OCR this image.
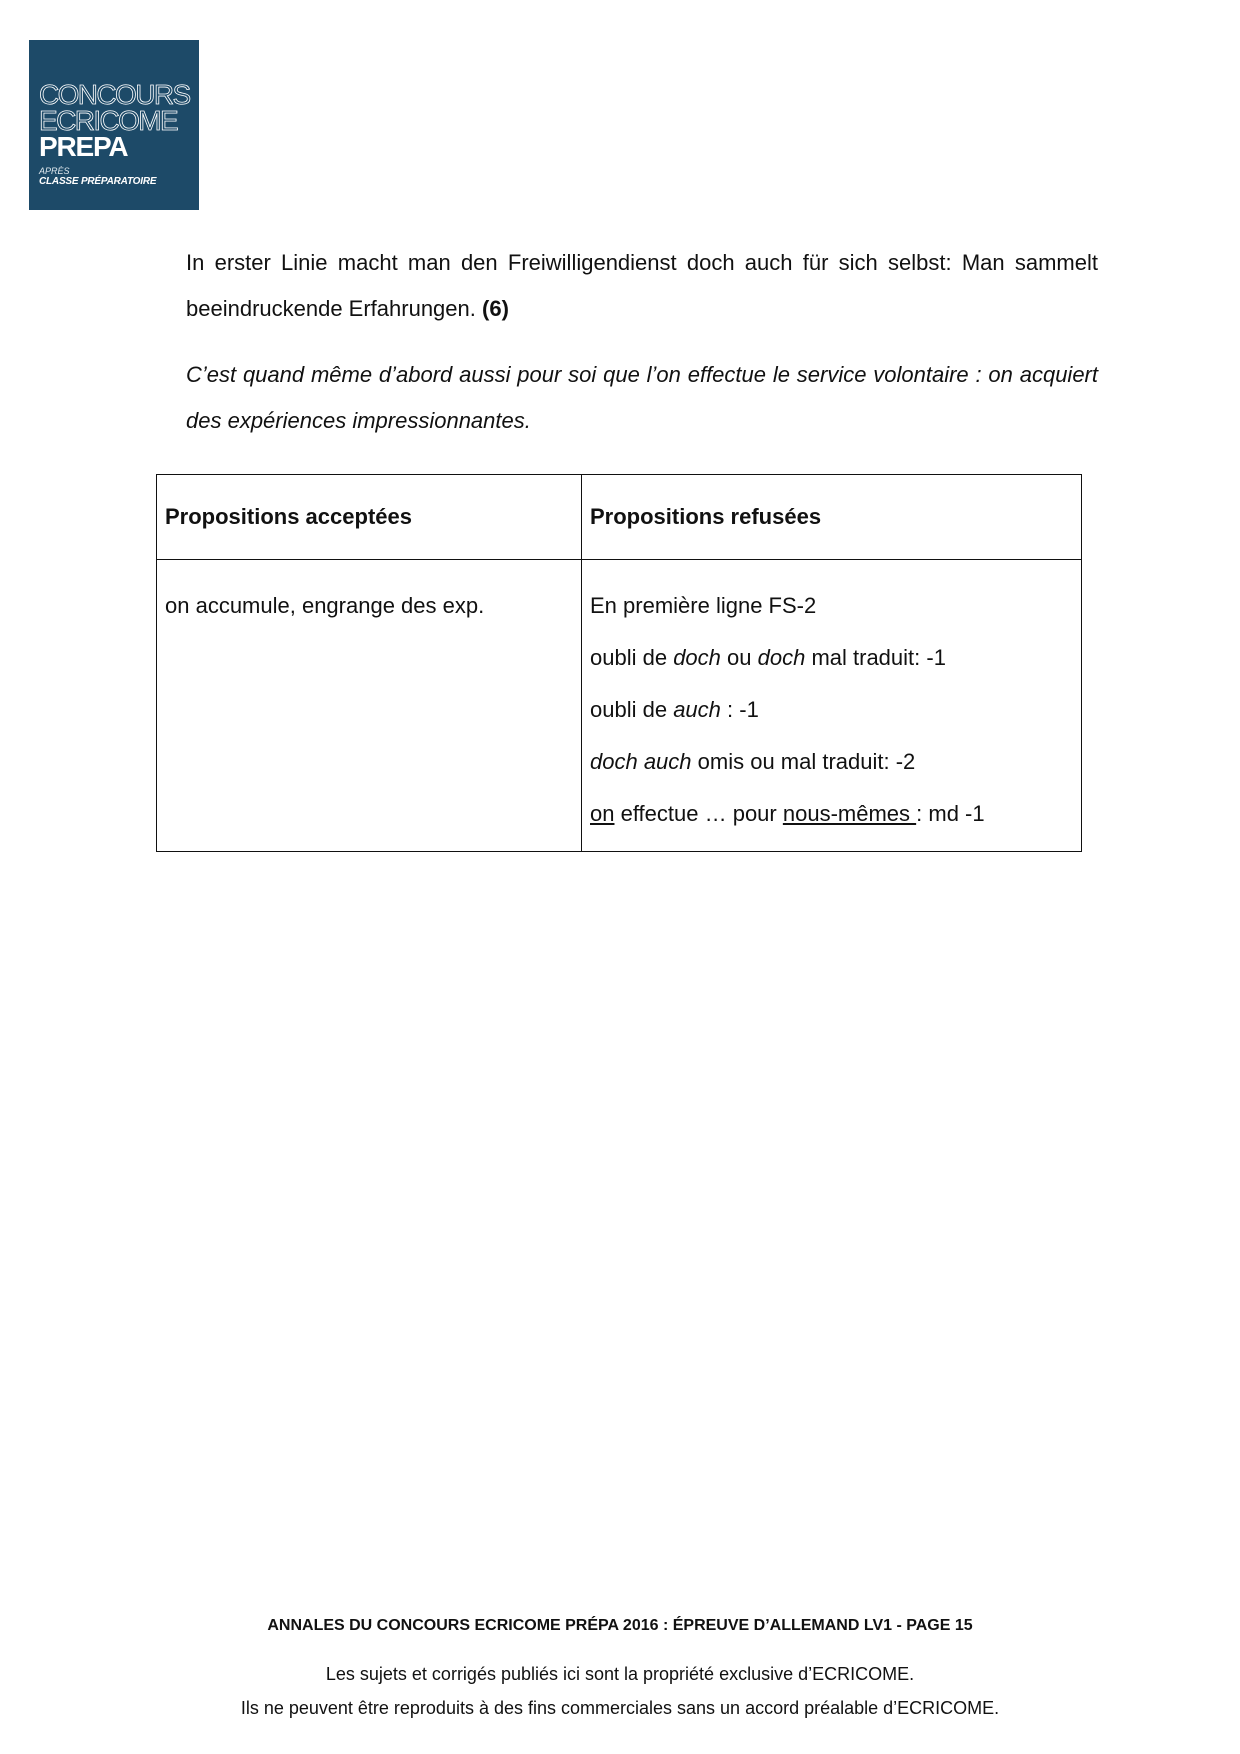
CONCOURS
ECRICOME
PREPA
APRÈS
CLASSE PRÉPARATOIRE

In erster Linie macht man den Freiwilligendienst doch auch für sich selbst: Man sammelt beeindruckende Erfahrungen. (6)

C’est quand même d’abord aussi pour soi que l’on effectue le service volontaire : on acquiert des expériences impressionnantes.

Propositions acceptées	Propositions refusées

on accumule, engrange des exp.	En première ligne FS-2
oubli de doch ou doch mal traduit: -1
oubli de auch : -1
doch auch omis ou mal traduit: -2
on effectue … pour nous-mêmes : md -1

ANNALES DU CONCOURS ECRICOME PRÉPA 2016 : ÉPREUVE D’ALLEMAND LV1 - PAGE 15

Les sujets et corrigés publiés ici sont la propriété exclusive d’ECRICOME.

Ils ne peuvent être reproduits à des fins commerciales sans un accord préalable d’ECRICOME.
